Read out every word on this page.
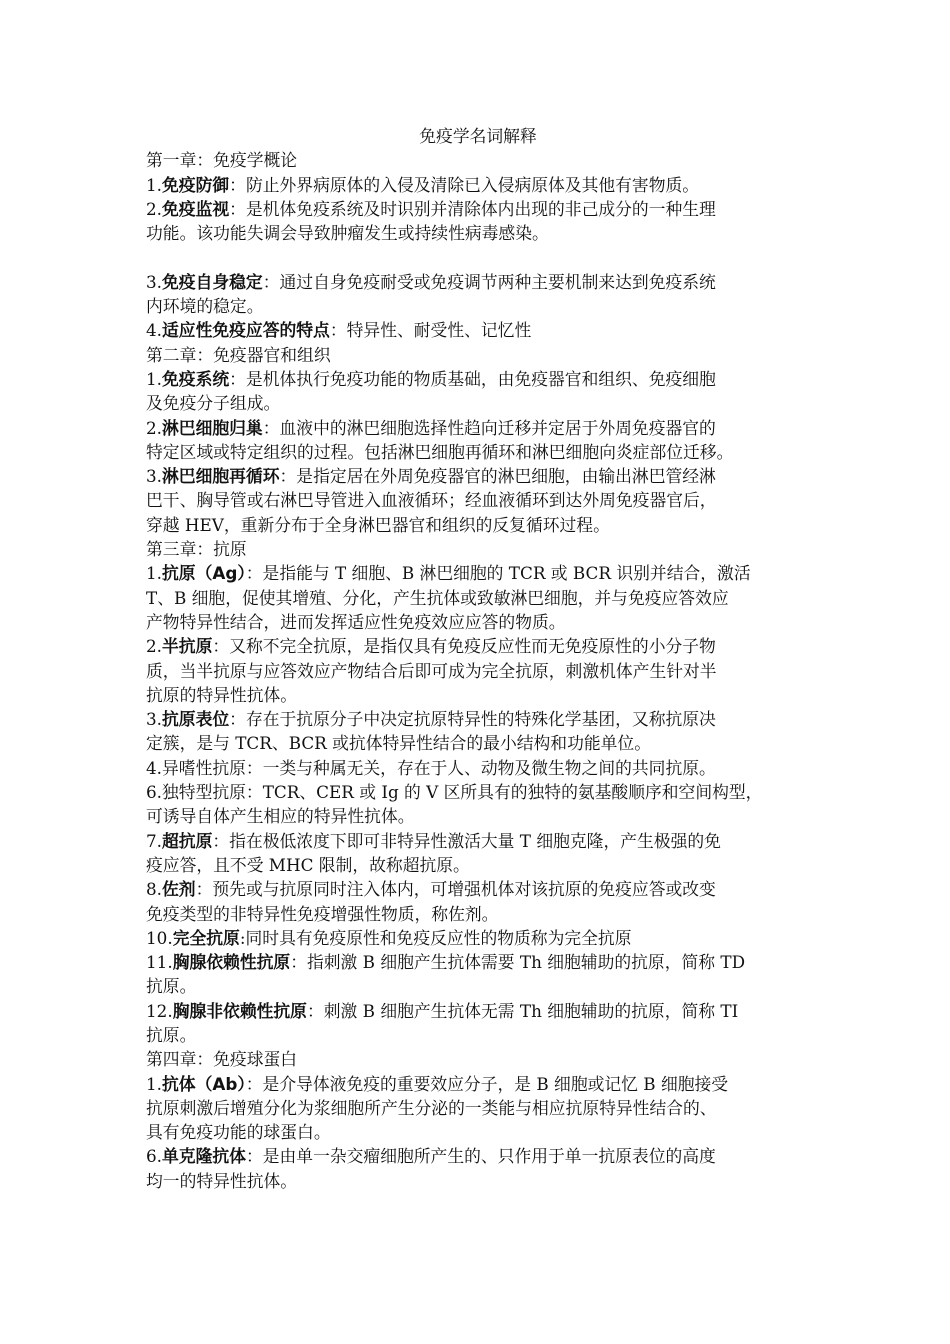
免疫学名词解释

第一章：免疫学概论

1.免疫防御：防止外界病原体的入侵及清除已入侵病原体及其他有害物质。

2.免疫监视：是机体免疫系统及时识别并清除体内出现的非己成分的一种生理

功能。该功能失调会导致肿瘤发生或持续性病毒感染。

3.免疫自身稳定：通过自身免疫耐受或免疫调节两种主要机制来达到免疫系统

内环境的稳定。

4.适应性免疫应答的特点：特异性、耐受性、记忆性

第二章：免疫器官和组织

1.免疫系统：是机体执行免疫功能的物质基础，由免疫器官和组织、免疫细胞

及免疫分子组成。

2.淋巴细胞归巢：血液中的淋巴细胞选择性趋向迁移并定居于外周免疫器官的

特定区域或特定组织的过程。包括淋巴细胞再循环和淋巴细胞向炎症部位迁移。

3.淋巴细胞再循环：是指定居在外周免疫器官的淋巴细胞，由输出淋巴管经淋

巴干、胸导管或右淋巴导管进入血液循环；经血液循环到达外周免疫器官后，

穿越 HEV，重新分布于全身淋巴器官和组织的反复循环过程。

第三章：抗原

1.抗原（Ag）：是指能与 T 细胞、B 淋巴细胞的 TCR 或 BCR 识别并结合，激活

T、B 细胞，促使其增殖、分化，产生抗体或致敏淋巴细胞，并与免疫应答效应

产物特异性结合，进而发挥适应性免疫效应应答的物质。

2.半抗原：又称不完全抗原，是指仅具有免疫反应性而无免疫原性的小分子物

质，当半抗原与应答效应产物结合后即可成为完全抗原，刺激机体产生针对半

抗原的特异性抗体。

3.抗原表位：存在于抗原分子中决定抗原特异性的特殊化学基团，又称抗原决

定簇，是与 TCR、BCR 或抗体特异性结合的最小结构和功能单位。

4.异嗜性抗原：一类与种属无关，存在于人、动物及微生物之间的共同抗原。

6.独特型抗原：TCR、CER 或 Ig 的 V 区所具有的独特的氨基酸顺序和空间构型，

可诱导自体产生相应的特异性抗体。

7.超抗原：指在极低浓度下即可非特异性激活大量 T 细胞克隆，产生极强的免

疫应答，且不受 MHC 限制，故称超抗原。

8.佐剂：预先或与抗原同时注入体内，可增强机体对该抗原的免疫应答或改变

免疫类型的非特异性免疫增强性物质，称佐剂。

10.完全抗原:同时具有免疫原性和免疫反应性的物质称为完全抗原

11.胸腺依赖性抗原：指刺激 B 细胞产生抗体需要 Th 细胞辅助的抗原，简称 TD

抗原。

12.胸腺非依赖性抗原：刺激 B 细胞产生抗体无需 Th 细胞辅助的抗原，简称 TI

抗原。

第四章：免疫球蛋白

1.抗体（Ab）：是介导体液免疫的重要效应分子，是 B 细胞或记忆 B 细胞接受

抗原刺激后增殖分化为浆细胞所产生分泌的一类能与相应抗原特异性结合的、

具有免疫功能的球蛋白。

6.单克隆抗体：是由单一杂交瘤细胞所产生的、只作用于单一抗原表位的高度

均一的特异性抗体。
